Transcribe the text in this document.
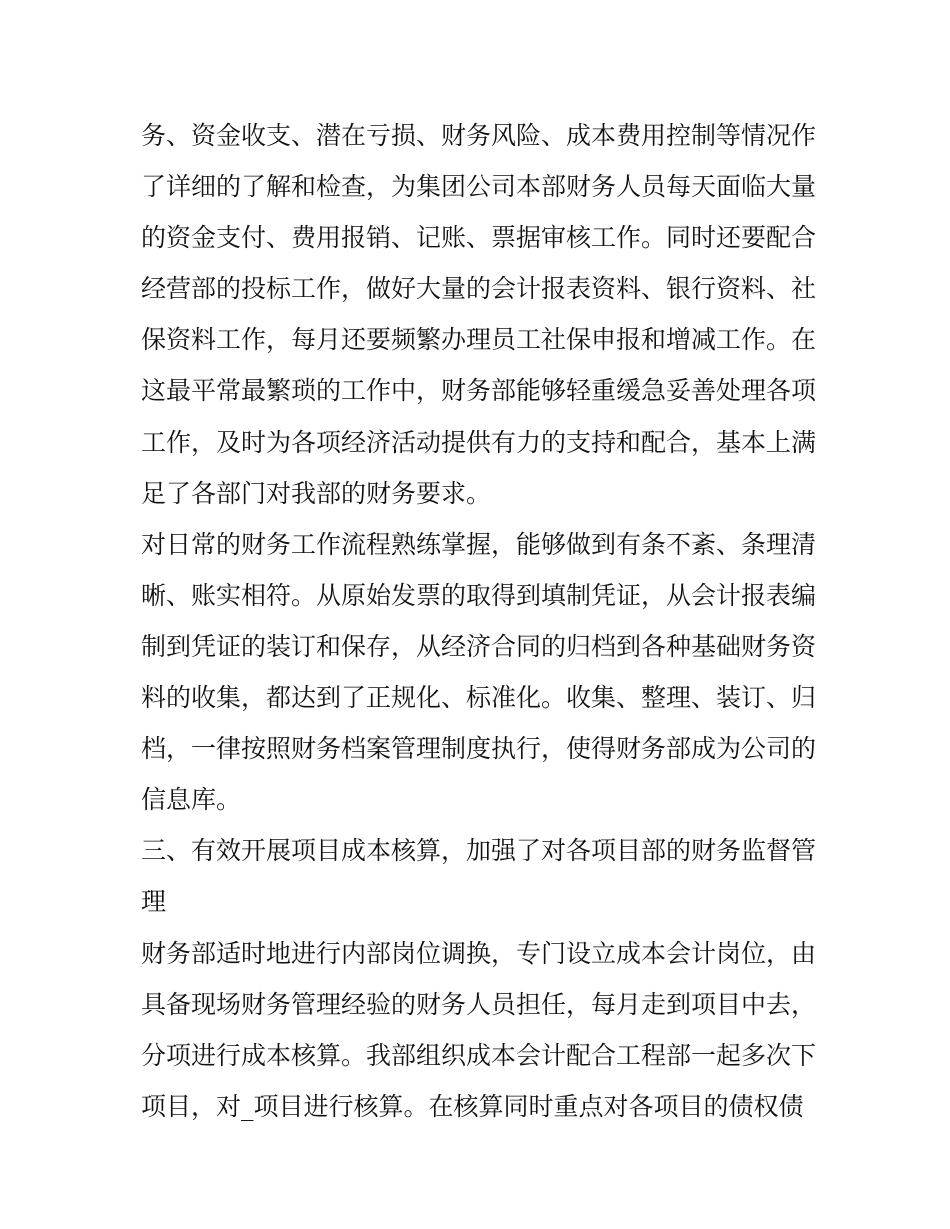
务、资金收支、潜在亏损、财务风险、成本费用控制等情况作
了详细的了解和检查，为集团公司本部财务人员每天面临大量
的资金支付、费用报销、记账、票据审核工作。同时还要配合
经营部的投标工作，做好大量的会计报表资料、银行资料、社
保资料工作，每月还要频繁办理员工社保申报和增减工作。在
这最平常最繁琐的工作中，财务部能够轻重缓急妥善处理各项
工作，及时为各项经济活动提供有力的支持和配合，基本上满
足了各部门对我部的财务要求。
对日常的财务工作流程熟练掌握，能够做到有条不紊、条理清
晰、账实相符。从原始发票的取得到填制凭证，从会计报表编
制到凭证的装订和保存，从经济合同的归档到各种基础财务资
料的收集，都达到了正规化、标准化。收集、整理、装订、归
档，一律按照财务档案管理制度执行，使得财务部成为公司的
信息库。
三、有效开展项目成本核算，加强了对各项目部的财务监督管
理
财务部适时地进行内部岗位调换，专门设立成本会计岗位，由
具备现场财务管理经验的财务人员担任，每月走到项目中去，
分项进行成本核算。我部组织成本会计配合工程部一起多次下
项目，对_项目进行核算。在核算同时重点对各项目的债权债
